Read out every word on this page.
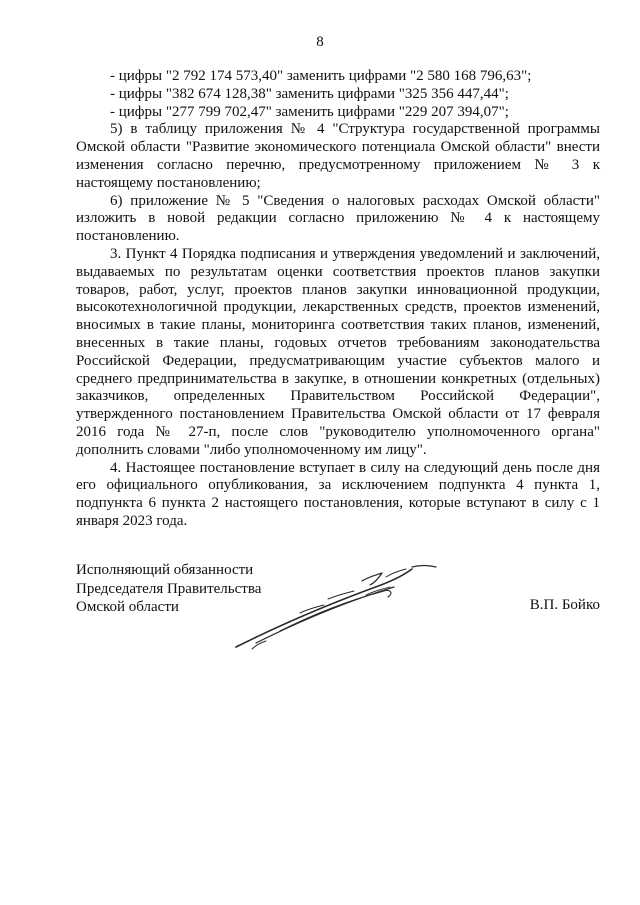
8

- цифры "2 792 174 573,40" заменить цифрами "2 580 168 796,63";

- цифры "382 674 128,38" заменить цифрами "325 356 447,44";

- цифры "277 799 702,47" заменить цифрами "229 207 394,07";

5) в таблицу приложения № 4 "Структура государственной программы Омской области "Развитие экономического потенциала Омской области" внести изменения согласно перечню, предусмотренному приложением № 3 к настоящему постановлению;

6) приложение № 5 "Сведения о налоговых расходах Омской области" изложить в новой редакции согласно приложению № 4 к настоящему постановлению.

3. Пункт 4 Порядка подписания и утверждения уведомлений и заключений, выдаваемых по результатам оценки соответствия проектов планов закупки товаров, работ, услуг, проектов планов закупки инновационной продукции, высокотехнологичной продукции, лекарственных средств, проектов изменений, вносимых в такие планы, мониторинга соответствия таких планов, изменений, внесенных в такие планы, годовых отчетов требованиям законодательства Российской Федерации, предусматривающим участие субъектов малого и среднего предпринимательства в закупке, в отношении конкретных (отдельных) заказчиков, определенных Правительством Российской Федерации", утвержденного постановлением Правительства Омской области от 17 февраля 2016 года № 27-п, после слов "руководителю уполномоченного органа" дополнить словами "либо уполномоченному им лицу".

4. Настоящее постановление вступает в силу на следующий день после дня его официального опубликования, за исключением подпункта 4 пункта 1, подпункта 6 пункта 2 настоящего постановления, которые вступают в силу с 1 января 2023 года.

Исполняющий обязанности
Председателя Правительства
Омской области	В.П. Бойко
